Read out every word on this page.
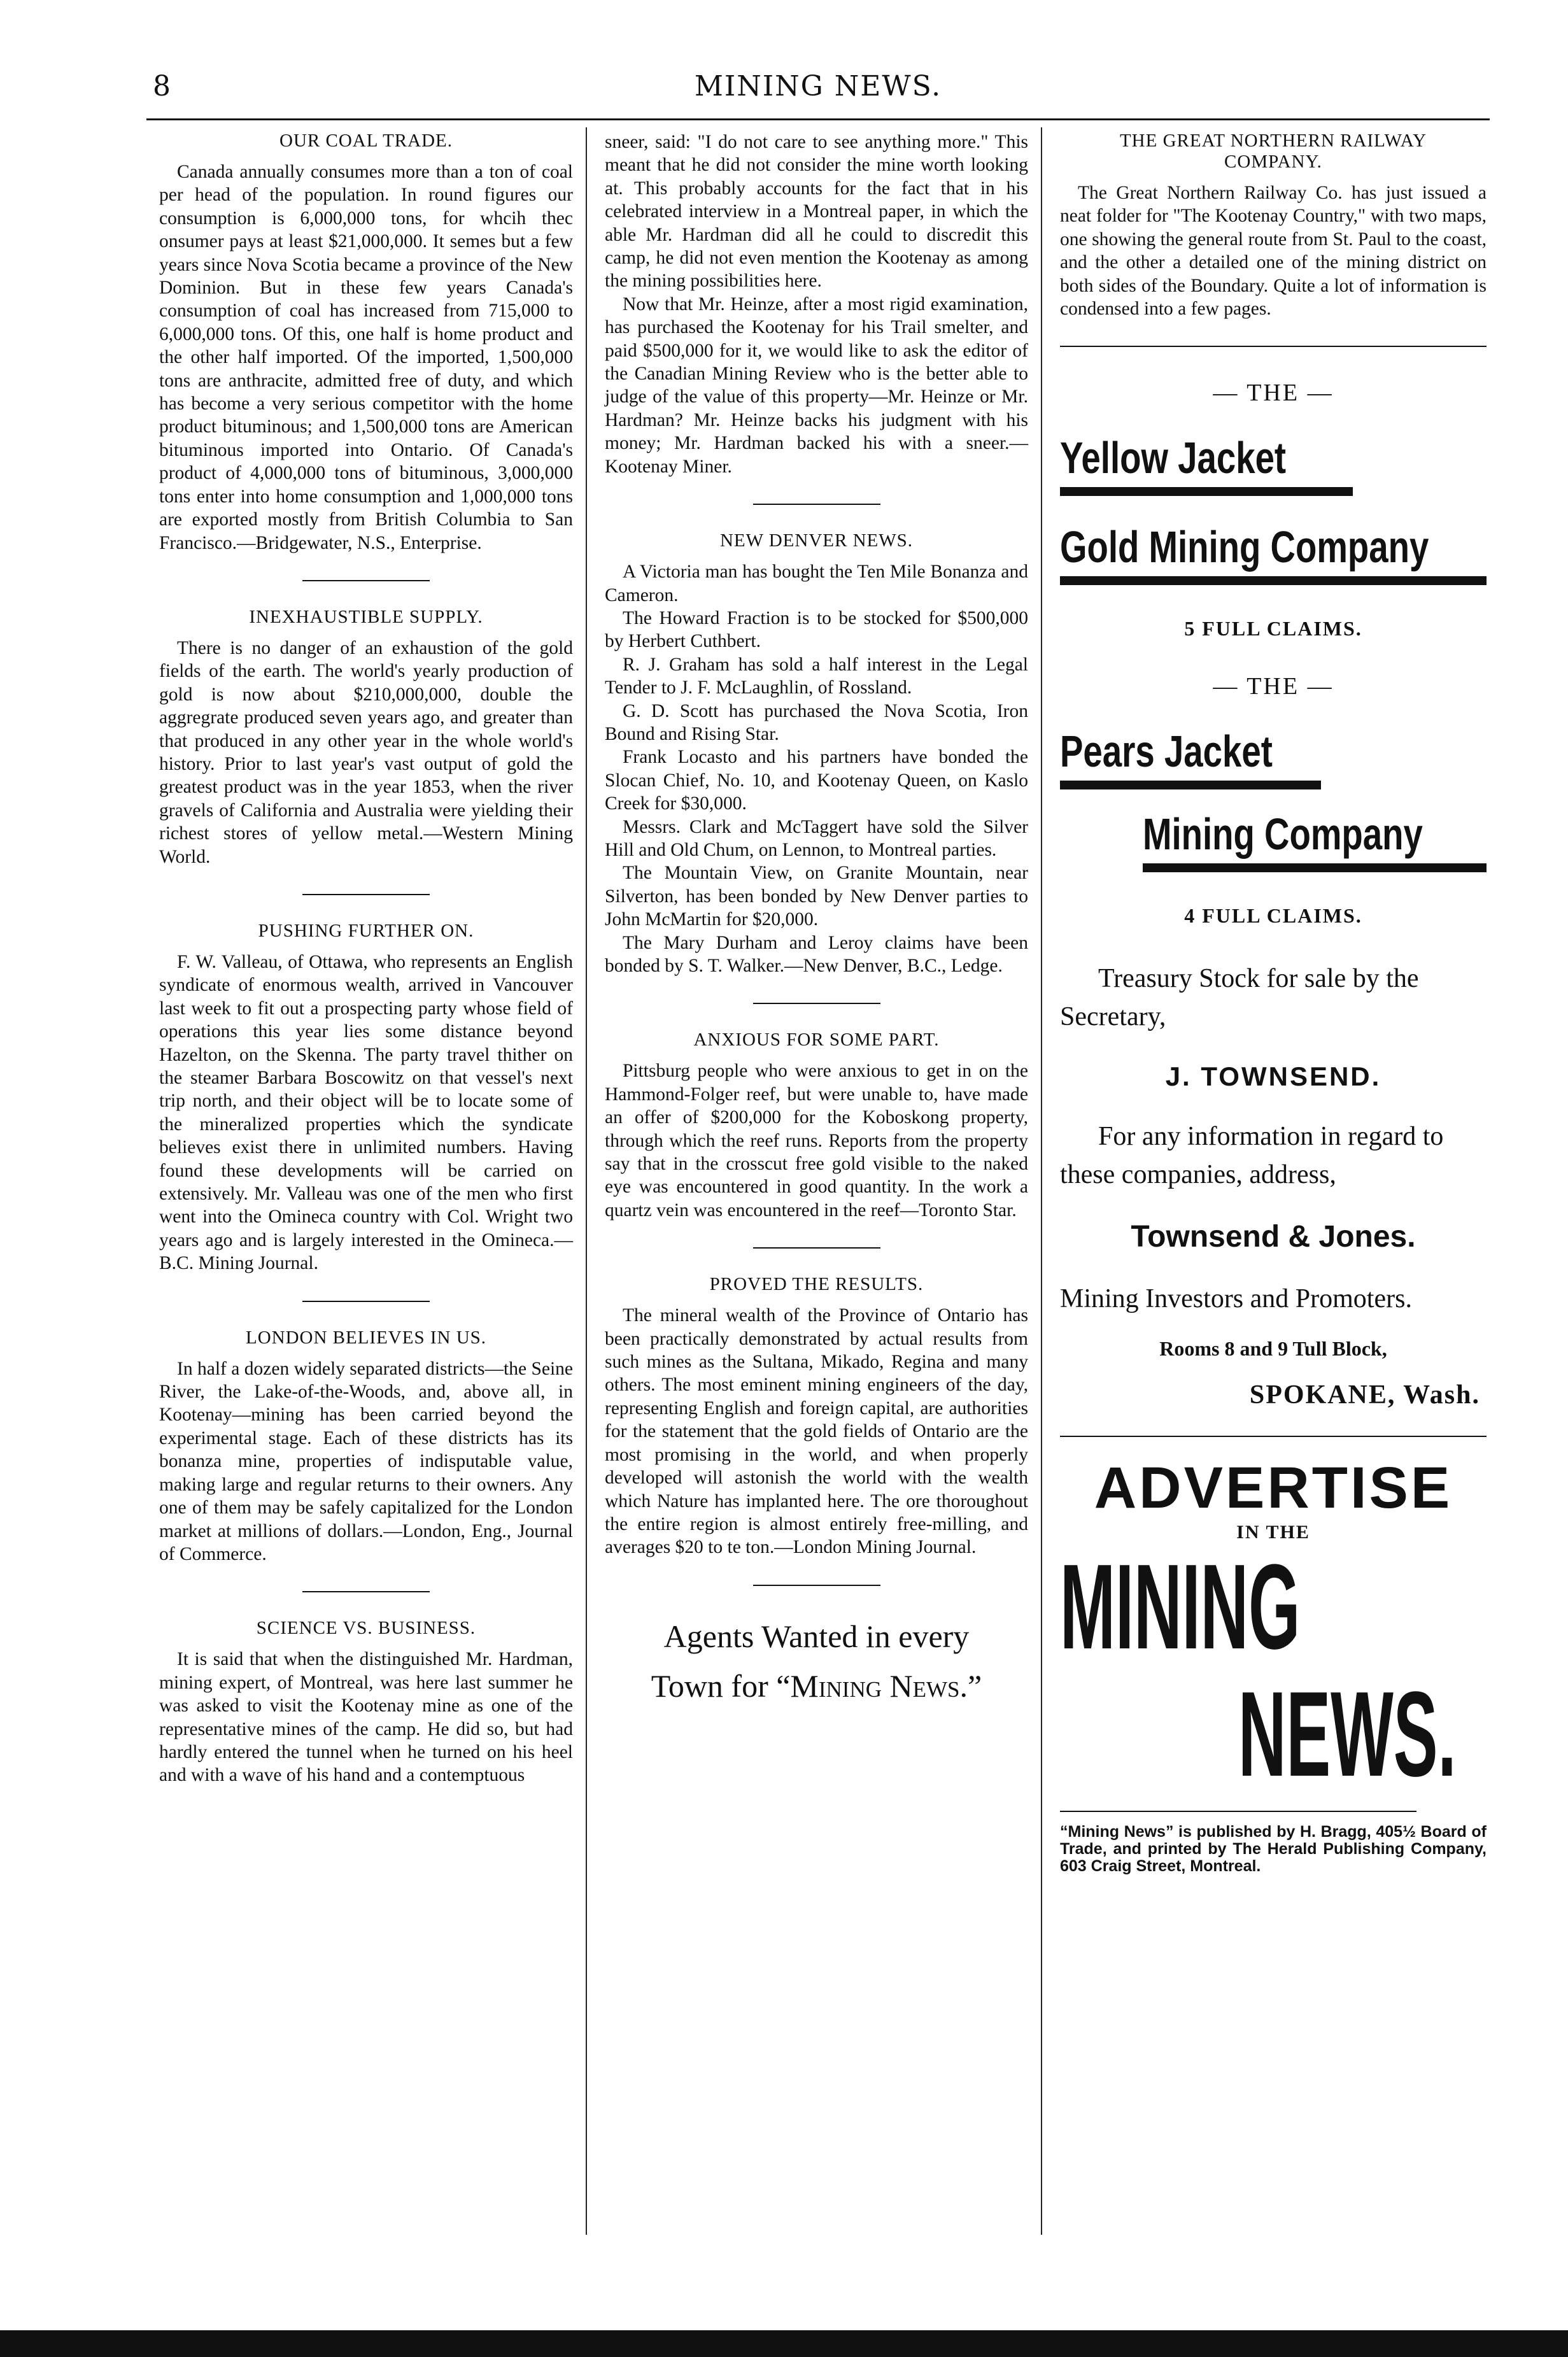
8	MINING NEWS.
OUR COAL TRADE.

Canada annually consumes more than a ton of coal per head of the population. In round figures our consumption is 6,000,000 tons, for whcih thec onsumer pays at least $21,000,000. It semes but a few years since Nova Scotia became a province of the New Dominion. But in these few years Canada's consumption of coal has increased from 715,000 to 6,000,000 tons. Of this, one half is home product and the other half imported. Of the imported, 1,500,000 tons are anthracite, admitted free of duty, and which has become a very serious competitor with the home product bituminous; and 1,500,000 tons are American bituminous imported into Ontario. Of Canada's product of 4,000,000 tons of bituminous, 3,000,000 tons enter into home consumption and 1,000,000 tons are exported mostly from British Columbia to San Francisco.—Bridgewater, N.S., Enterprise.

INEXHAUSTIBLE SUPPLY.

There is no danger of an exhaustion of the gold fields of the earth. The world's yearly production of gold is now about $210,000,000, double the aggregrate produced seven years ago, and greater than that produced in any other year in the whole world's history. Prior to last year's vast output of gold the greatest product was in the year 1853, when the river gravels of California and Australia were yielding their richest stores of yellow metal.—Western Mining World.

PUSHING FURTHER ON.

F. W. Valleau, of Ottawa, who represents an English syndicate of enormous wealth, arrived in Vancouver last week to fit out a prospecting party whose field of operations this year lies some distance beyond Hazelton, on the Skenna. The party travel thither on the steamer Barbara Boscowitz on that vessel's next trip north, and their object will be to locate some of the mineralized properties which the syndicate believes exist there in unlimited numbers. Having found these developments will be carried on extensively. Mr. Valleau was one of the men who first went into the Omineca country with Col. Wright two years ago and is largely interested in the Omineca.—B.C. Mining Journal.

LONDON BELIEVES IN US.

In half a dozen widely separated districts—the Seine River, the Lake-of-the-Woods, and, above all, in Kootenay—mining has been carried beyond the experimental stage. Each of these districts has its bonanza mine, properties of indisputable value, making large and regular returns to their owners. Any one of them may be safely capitalized for the London market at millions of dollars.—London, Eng., Journal of Commerce.

SCIENCE VS. BUSINESS.

It is said that when the distinguished Mr. Hardman, mining expert, of Montreal, was here last summer he was asked to visit the Kootenay mine as one of the representative mines of the camp. He did so, but had hardly entered the tunnel when he turned on his heel and with a wave of his hand and a contemptuous

sneer, said: "I do not care to see anything more." This meant that he did not consider the mine worth looking at. This probably accounts for the fact that in his celebrated interview in a Montreal paper, in which the able Mr. Hardman did all he could to discredit this camp, he did not even mention the Kootenay as among the mining possibilities here.

Now that Mr. Heinze, after a most rigid examination, has purchased the Kootenay for his Trail smelter, and paid $500,000 for it, we would like to ask the editor of the Canadian Mining Review who is the better able to judge of the value of this property—Mr. Heinze or Mr. Hardman? Mr. Heinze backs his judgment with his money; Mr. Hardman backed his with a sneer.—Kootenay Miner.

NEW DENVER NEWS.

A Victoria man has bought the Ten Mile Bonanza and Cameron.

The Howard Fraction is to be stocked for $500,000 by Herbert Cuthbert.

R. J. Graham has sold a half interest in the Legal Tender to J. F. McLaughlin, of Rossland.

G. D. Scott has purchased the Nova Scotia, Iron Bound and Rising Star.

Frank Locasto and his partners have bonded the Slocan Chief, No. 10, and Kootenay Queen, on Kaslo Creek for $30,000.

Messrs. Clark and McTaggert have sold the Silver Hill and Old Chum, on Lennon, to Montreal parties.

The Mountain View, on Granite Mountain, near Silverton, has been bonded by New Denver parties to John McMartin for $20,000.

The Mary Durham and Leroy claims have been bonded by S. T. Walker.—New Denver, B.C., Ledge.

ANXIOUS FOR SOME PART.

Pittsburg people who were anxious to get in on the Hammond-Folger reef, but were unable to, have made an offer of $200,000 for the Koboskong property, through which the reef runs. Reports from the property say that in the crosscut free gold visible to the naked eye was encountered in good quantity. In the work a quartz vein was encountered in the reef—Toronto Star.

PROVED THE RESULTS.

The mineral wealth of the Province of Ontario has been practically demonstrated by actual results from such mines as the Sultana, Mikado, Regina and many others. The most eminent mining engineers of the day, representing English and foreign capital, are authorities for the statement that the gold fields of Ontario are the most promising in the world, and when properly developed will astonish the world with the wealth which Nature has implanted here. The ore thoroughout the entire region is almost entirely free-milling, and averages $20 to te ton.—London Mining Journal.

Agents Wanted in every
Town for “Mining News.”
THE GREAT NORTHERN RAILWAY
COMPANY.

The Great Northern Railway Co. has just issued a neat folder for "The Kootenay Country," with two maps, one showing the general route from St. Paul to the coast, and the other a detailed one of the mining district on both sides of the Boundary. Quite a lot of information is condensed into a few pages.

— THE —
Yellow Jacket
Gold Mining Company
5 FULL CLAIMS.
— THE —
Pears Jacket
Mining Company
4 FULL CLAIMS.
Treasury Stock for sale by the Secretary,
J. TOWNSEND.
For any information in regard to these companies, address,
Townsend & Jones.
Mining Investors and Promoters.
Rooms 8 and 9 Tull Block,
SPOKANE, Wash.
ADVERTISE
IN THE
MINING
NEWS.
“Mining News” is published by H. Bragg, 405½ Board of Trade, and printed by The Herald Publishing Company, 603 Craig Street, Montreal.
